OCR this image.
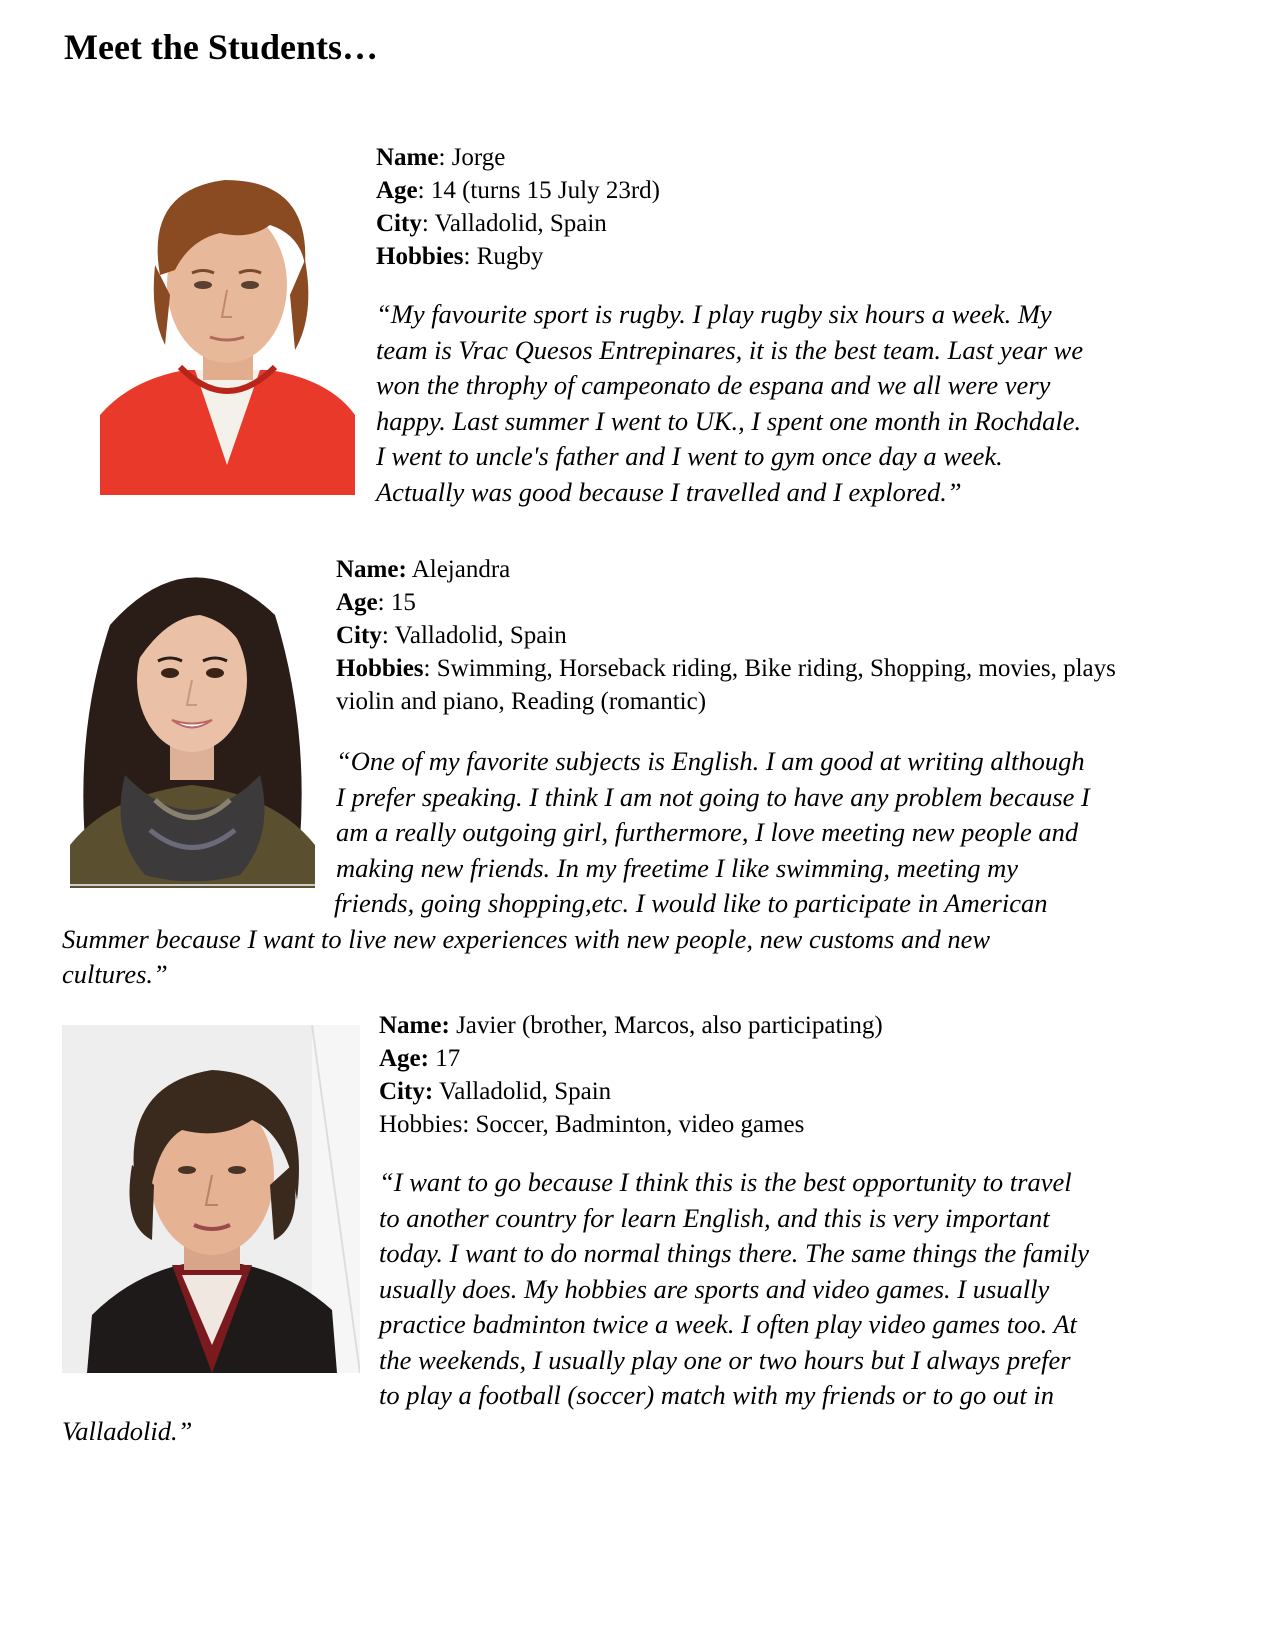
Meet the Students…
Name: Jorge
Age: 14 (turns 15 July 23rd)
City: Valladolid, Spain
Hobbies: Rugby

“My favourite sport is rugby. I play rugby six hours a week. My
team is Vrac Quesos Entrepinares, it is the best team. Last year we
won the throphy of campeonato de espana and we all were very
happy. Last summer I went to UK., I spent one month in Rochdale.
I went to uncle's father and I went to gym once day a week.
Actually was good because I travelled and I explored.”

Name: Alejandra
Age: 15
City: Valladolid, Spain
Hobbies: Swimming, Horseback riding, Bike riding, Shopping, movies, plays violin and piano, Reading (romantic)

“One of my favorite subjects is English. I am good at writing although
I prefer speaking. I think I am not going to have any problem because I
am a really outgoing girl, furthermore, I love meeting new people and
making new friends. In my freetime I like swimming, meeting my
friends, going shopping,etc. I would like to participate in American
Summer because I want to live new experiences with new people, new customs and new
cultures.”

Name: Javier (brother, Marcos, also participating)
Age: 17
City: Valladolid, Spain
Hobbies: Soccer, Badminton, video games

“I want to go because I think this is the best opportunity to travel
to another country for learn English, and this is very important
today. I want to do normal things there. The same things the family
usually does. My hobbies are sports and video games. I usually
practice badminton twice a week. I often play video games too. At
the weekends, I usually play one or two hours but I always prefer
to play a football (soccer) match with my friends or to go out in
Valladolid.”
